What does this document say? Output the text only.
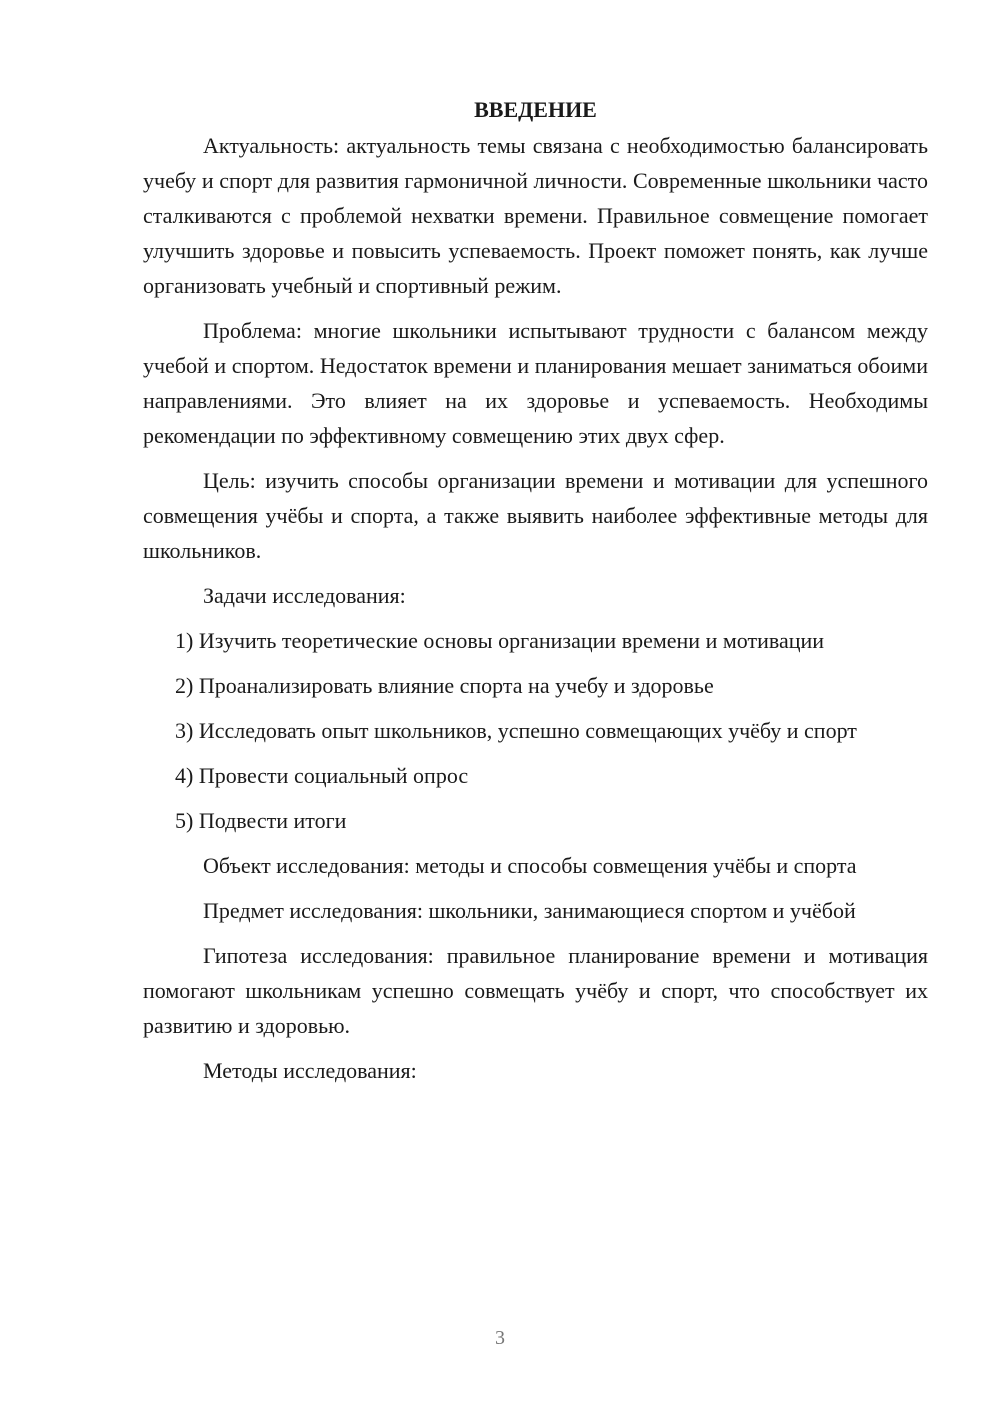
ВВЕДЕНИЕ

Актуальность: актуальность темы связана с необходимостью балансировать учебу и спорт для развития гармоничной личности. Современные школьники часто сталкиваются с проблемой нехватки времени. Правильное совмещение помогает улучшить здоровье и повысить успеваемость. Проект поможет понять, как лучше организовать учебный и спортивный режим.

Проблема: многие школьники испытывают трудности с балансом между учебой и спортом. Недостаток времени и планирования мешает заниматься обоими направлениями. Это влияет на их здоровье и успеваемость. Необходимы рекомендации по эффективному совмещению этих двух сфер.

Цель: изучить способы организации времени и мотивации для успешного совмещения учёбы и спорта, а также выявить наиболее эффективные методы для школьников.

Задачи исследования:

1) Изучить теоретические основы организации времени и мотивации

2) Проанализировать влияние спорта на учебу и здоровье

3) Исследовать опыт школьников, успешно совмещающих учёбу и спорт

4) Провести социальный опрос

5) Подвести итоги

Объект исследования: методы и способы совмещения учёбы и спорта

Предмет исследования: школьники, занимающиеся спортом и учёбой

Гипотеза исследования: правильное планирование времени и мотивация помогают школьникам успешно совмещать учёбу и спорт, что способствует их развитию и здоровью.

Методы исследования:

3
